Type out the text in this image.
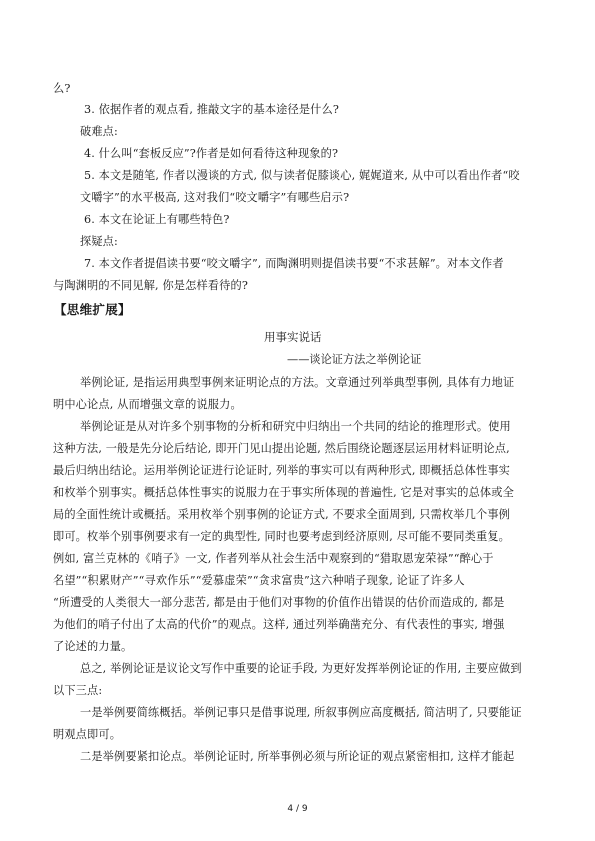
么?
3. 依据作者的观点看, 推敲文字的基本途径是什么?
破难点:
4. 什么叫“套板反应”?作者是如何看待这种现象的?
5. 本文是随笔, 作者以漫谈的方式, 似与读者促膝谈心, 娓娓道来, 从中可以看出作者“咬
文嚼字”的水平极高, 这对我们“咬文嚼字”有哪些启示?
6. 本文在论证上有哪些特色?
探疑点:
7. 本文作者提倡读书要“咬文嚼字”, 而陶渊明则提倡读书要“不求甚解”。对本文作者
与陶渊明的不同见解, 你是怎样看待的?
【思维扩展】
用事实说话
——谈论证方法之举例论证
举例论证, 是指运用典型事例来证明论点的方法。文章通过列举典型事例, 具体有力地证
明中心论点, 从而增强文章的说服力。
举例论证是从对许多个别事物的分析和研究中归纳出一个共同的结论的推理形式。使用
这种方法, 一般是先分论后结论, 即开门见山提出论题, 然后围绕论题逐层运用材料证明论点,
最后归纳出结论。运用举例论证进行论证时, 列举的事实可以有两种形式, 即概括总体性事实
和枚举个别事实。概括总体性事实的说服力在于事实所体现的普遍性, 它是对事实的总体或全
局的全面性统计或概括。采用枚举个别事例的论证方式, 不要求全面周到, 只需枚举几个事例
即可。枚举个别事例要求有一定的典型性, 同时也要考虑到经济原则, 尽可能不要同类重复。
例如, 富兰克林的《哨子》一文, 作者列举从社会生活中观察到的“猎取恩宠荣禄”“醉心于
名望”“积累财产”“寻欢作乐”“爱慕虚荣”“贪求富贵”这六种哨子现象, 论证了许多人
“所遭受的人类很大一部分悲苦, 都是由于他们对事物的价值作出错误的估价而造成的, 都是
为他们的哨子付出了太高的代价”的观点。这样, 通过列举确凿充分、有代表性的事实, 增强
了论述的力量。
总之, 举例论证是议论文写作中重要的论证手段, 为更好发挥举例论证的作用, 主要应做到
以下三点:
一是举例要简练概括。举例记事只是借事说理, 所叙事例应高度概括, 简洁明了, 只要能证
明观点即可。
二是举例要紧扣论点。举例论证时, 所举事例必须与所论证的观点紧密相扣, 这样才能起
4 / 9
